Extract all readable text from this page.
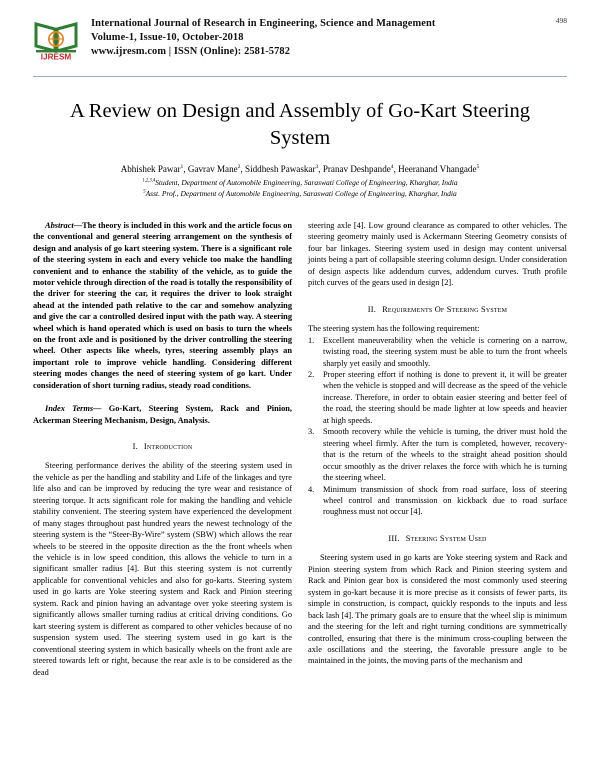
IJRESM
International Journal of Research in Engineering, Science and Management
Volume-1, Issue-10, October-2018
www.ijresm.com | ISSN (Online): 2581-5782
498
A Review on Design and Assembly of Go-Kart Steering System
Abhishek Pawar$^1$, Gavrav Mane$^2$, Siddhesh Pawaskar$^3$, Pranav Deshpande$^4$, Heeranand Vhangade$^5$
$^{1,2,3,4}$Student, Department of Automobile Engineering, Saraswati College of Engineering, Kharghar, India
$^5$Asst. Prof., Department of Automobile Engineering, Saraswati College of Engineering, Kharghar, India

Abstract—The theory is included in this work and the article focus on the conventional and general steering arrangement on the synthesis of design and analysis of go kart steering system. There is a significant role of the steering system in each and every vehicle too make the handling convenient and to enhance the stability of the vehicle, as to guide the motor vehicle through direction of the road is totally the responsibility of the driver for steering the car, it requires the driver to look straight ahead at the intended path relative to the car and somehow analyzing and give the car a controlled desired input with the path way. A steering wheel which is hand operated which is used on basis to turn the wheels on the front axle and is positioned by the driver controlling the steering wheel. Other aspects like wheels, tyres, steering assembly plays an important role to improve vehicle handling. Considering different steering modes changes the need of steering system of go kart. Under consideration of short turning radius, steady road conditions.

Index Terms— Go-Kart, Steering System, Rack and Pinion, Ackerman Steering Mechanism, Design, Analysis.

I. Introduction

Steering performance derives the ability of the steering system used in the vehicle as per the handling and stability and Life of the linkages and tyre life also and can be improved by reducing the tyre wear and resistance of steering torque. It acts significant role for making the handling and vehicle stability convenient. The steering system have experienced the development of many stages throughout past hundred years the newest technology of the steering system is the “Steer-By-Wire” system (SBW) which allows the rear wheels to be steered in the opposite direction as the the front wheels when the vehicle is in low speed condition, this allows the vehicle to turn in a significant smaller radius [4]. But this steering system is not currently applicable for conventional vehicles and also for go-karts. Steering system used in go karts are Yoke steering system and Rack and Pinion steering system. Rack and pinion having an advantage over yoke steering system is significantly allows smaller turning radius at critical driving conditions. Go kart steering system is different as compared to other vehicles because of no suspension system used. The steering system used in go kart is the conventional steering system in which basically wheels on the front axle are steered towards left or right, because the rear axle is to be considered as the dead

steering axle [4]. Low ground clearance as compared to other vehicles. The steering geometry mainly used is Ackermann Steering Geometry consists of four bar linkages. Steering system used in design may content universal joints being a part of collapsible steering column design. Under consideration of design aspects like addendum curves, addendum curves. Truth profile pitch curves of the gears used in design [2].

II. Requirements Of Steering System

The steering system has the following requirement:

Excellent maneuverability when the vehicle is cornering on a narrow, twisting road, the steering system must be able to turn the front wheels sharply yet easily and smoothly.
Proper steering effort if nothing is done to prevent it, it will be greater when the vehicle is stopped and will decrease as the speed of the vehicle increase. Therefore, in order to obtain easier steering and better feel of the road, the steering should be made lighter at low speeds and heavier at high speeds.
Smooth recovery while the vehicle is turning, the driver must hold the steering wheel firmly. After the turn is completed, however, recovery-that is the return of the wheels to the straight ahead position should occur smoothly as the driver relaxes the force with which he is turning the steering wheel.
Minimum transmission of shock from road surface, loss of steering wheel control and transmission on kickback due to road surface roughness must not occur [4].
III. Steering System Used

Steering system used in go karts are Yoke steering system and Rack and Pinion steering system from which Rack and Pinion steering system and Rack and Pinion gear box is considered the most commonly used steering system in go-kart because it is more precise as it consists of fewer parts, its simple in construction, is compact, quickly responds to the inputs and less back lash [4]. The primary goals are to ensure that the wheel slip is minimum and the steering for the left and right turning conditions are symmetrically controlled, ensuring that there is the minimum cross-coupling between the axle oscillations and the steering, the favorable pressure angle to be maintained in the joints, the moving parts of the mechanism and
